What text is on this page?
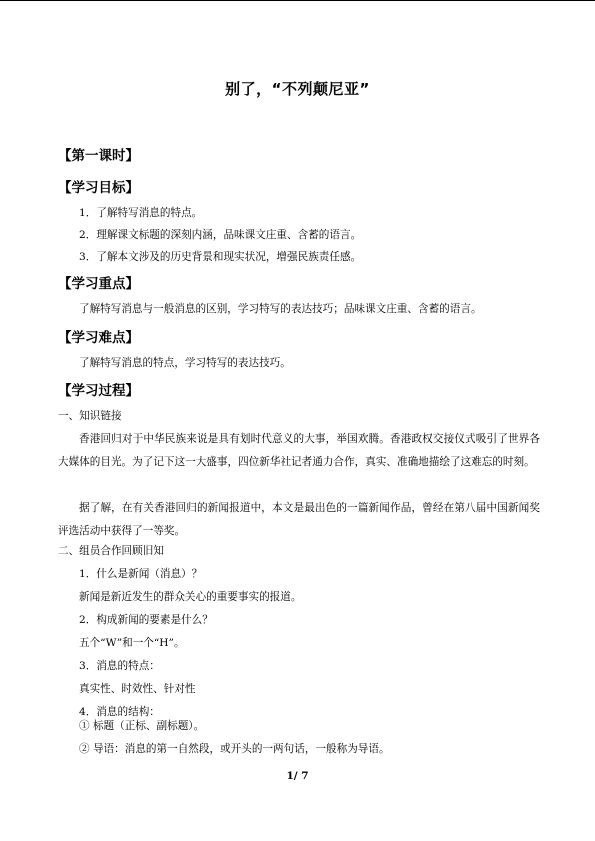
别了，“不列颠尼亚”
【第一课时】
【学习目标】
1．了解特写消息的特点。
2．理解课文标题的深刻内涵，品味课文庄重、含蓄的语言。
3．了解本文涉及的历史背景和现实状况，增强民族责任感。
【学习重点】
了解特写消息与一般消息的区别，学习特写的表达技巧；品味课文庄重、含蓄的语言。
【学习难点】
了解特写消息的特点，学习特写的表达技巧。
【学习过程】
一、知识链接
香港回归对于中华民族来说是具有划时代意义的大事，举国欢腾。香港政权交接仪式吸引了世界各大媒体的目光。为了记下这一大盛事，四位新华社记者通力合作，真实、准确地描绘了这难忘的时刻。
据了解，在有关香港回归的新闻报道中，本文是最出色的一篇新闻作品，曾经在第八届中国新闻奖评选活动中获得了一等奖。
二、组员合作回顾旧知
1．什么是新闻（消息）？
新闻是新近发生的群众关心的重要事实的报道。
2．构成新闻的要素是什么？
五个“W”和一个“H”。
3．消息的特点：
真实性、时效性、针对性
4．消息的结构：
① 标题（正标、副标题）。
② 导语：消息的第一自然段，或开头的一两句话，一般称为导语。
1/ 7
